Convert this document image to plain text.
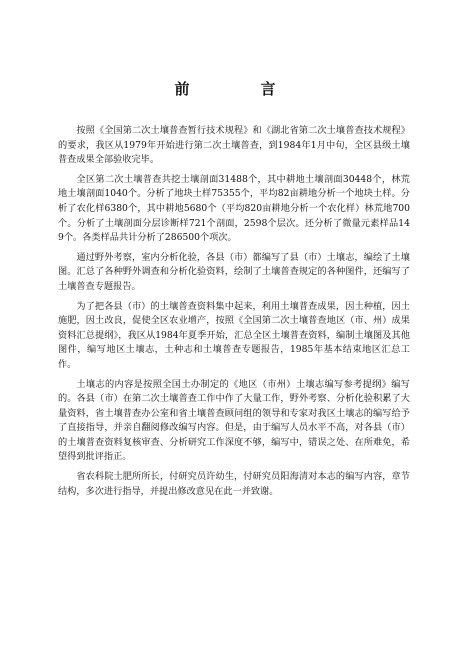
前　言

按照《全国第二次土壤普查暂行技术规程》和《湖北省第二次土壤普查技术规程》的要求，我区从1979年开始进行第二次土壤普查，到1984年1月中旬，全区县级土壤普查成果全部验收完毕。

全区第二次土壤普查共挖土壤剖面31488个，其中耕地土壤剖面30448个，林荒地土壤剖面1040个。分析了地块土样75355个，平均82亩耕地分析一个地块土样。分析了农化样6380个，其中耕地5680个（平均820亩耕地分析一个农化样）林荒地700个。分析了土壤剖面分层诊断样721个剖面，2598个层次。还分析了微量元素样品149个。各类样品共计分析了286500个项次。

通过野外考察，室内分析化验，各县（市）都编写了县（市）土壤志，编绘了土壤图。汇总了各种野外调查和分析化验资料，绘制了土壤普查规定的各种图件，还编写了土壤普查专题报告。

为了把各县（市）的土壤普查资料集中起来，利用土壤普查成果，因土种植，因土施肥，因土改良，促使全区农业增产，按照《全国第二次土壤普查地区（市、州）成果资料汇总提纲》，我区从1984年夏季开始，汇总全区土壤普查资料，编制土壤图及其他图件，编写地区土壤志，土种志和土壤普查专题报告，1985年基本结束地区汇总工作。

土壤志的内容是按照全国土办制定的《地区（市州）土壤志编写参考提纲》编写的。各县（市）在第二次土壤普查工作中作了大量工作，野外考察、分析化验积累了大量资料，省土壤普查办公室和省土壤普查顾问组的领导和专家对我区土壤志的编写给予了直接指导，并亲自翻阅修改编写内容。但是，由于编写人员水平不高，对各县（市）的土壤普查资料复核审查、分析研究工作深度不够，编写中，错误之处、在所难免，希望得到批评指正。

省农科院土肥所所长，付研究员许幼生，付研究员阳海清对本志的编写内容，章节结构，多次进行指导，并提出修改意见在此一并致谢。
